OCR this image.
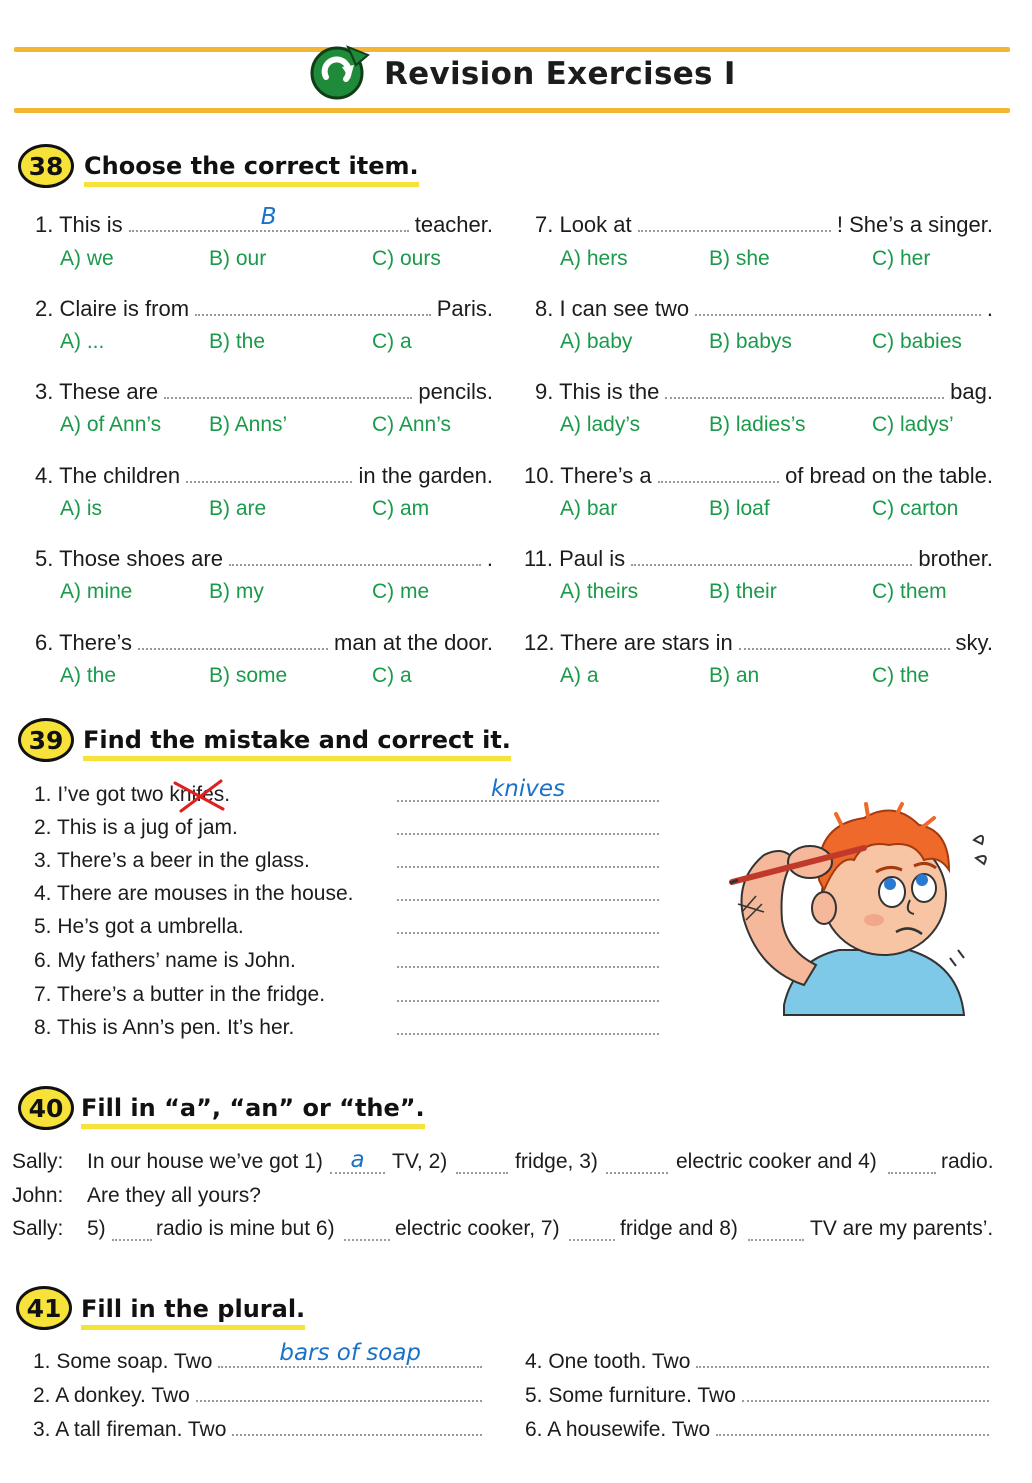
Revision Exercises I
38 Choose the correct item.
1. This is	B	teacher.
A) we	B) our	C) ours
2. Claire is from	Paris.
A) ...	B) the	C) a
3. These are	pencils.
A) of Ann’s B) Anns’	C) Ann’s
4. The children	in the garden.
A) is	B) are	C) am
5. Those shoes are	.
A) mine	B) my	C) me
6. There’s	man at the door.
A) the	B) some	C) a
7. Look at	! She’s a singer.
A) hers	B) she	C) her
8. I can see two	.
A) baby	B) babys	C) babies
9. This is the	bag.
A) lady’s	B) ladies’s	C) ladys’
10. There’s a	of bread on the table.
A) bar	B) loaf	C) carton
11. Paul is	brother.
A) theirs	B) their	C) them
12. There are stars in	sky.
A) a	B) an	C) the
39 Find the mistake and correct it.
1. I’ve got two knifes
.	knives
2. This is a jug of jam.
3. There’s a beer in the glass.
4. There are mouses in the house.
5. He’s got a umbrella.
6. My fathers’ name is John.
7. There’s a butter in the fridge.
8. This is Ann’s pen. It’s her.
40 Fill in “a”, “an” or “the”.
Sally: In our house we’ve got 1)	a	TV, 2)	fridge, 3)	electric cooker and 4)	radio.
John: Are they all yours?
Sally: 5) radio is mine but 6)	electric cooker, 7)	fridge and 8)	TV are my parents’.
41 Fill in the plural.
1. Some soap. Two	bars of soap
2. A donkey. Two
3. A tall fireman. Two
4. One tooth. Two
5. Some furniture. Two
6. A housewife. Two
